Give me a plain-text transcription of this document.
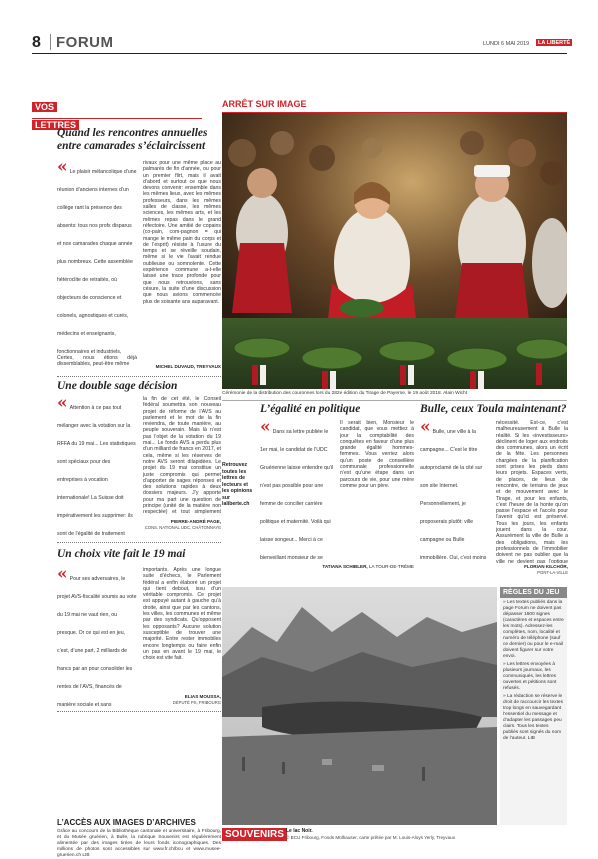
8 FORUM	LUNDI 6 MAI 2019	LA LIBERTÉ
VOS
LETTRES
Quand les rencontres annuelles entre camarades s’éclaircissent
« Le plaisir mélancolique d’une réunion d’anciens internes d’un collège rant la présence des absents: tous nos profs disparus et nos camarades chaque année plus nombreux. Cette assemblée hétéroclite de retraités, où objecteurs de conscience et colonels, agnostiques et curés, médecins et enseignants, fonctionnaires et industriels,
Certes, nous étions déjà dissemblables, peut-être même
rivaux pour une même place au palmarès de fin d’année, ou pour un premier flirt, mais il avait d’abord et surtout ce que nous devons convenir: ensemble dans les mêmes lieux, avec les mêmes professeurs, dans les mêmes salles de classe, les mêmes sciences, les mêmes arts, et les mêmes repas dans le grand réfectoire. Une amitié de copains (co-pain, com-pagnon = qui mange le même pain du corps et de l’esprit) résiste à l’usure du temps et se réveille soudain, même si le vie l’avait rendue oublieuse ou somnolente. Cette expérience commune a-t-elle laissé une trace profonde pour que nous retrouvions, sans césure, la suite d’une discussion que nous avions commencée plus de soixante ans auparavant.
MICHEL DUVAUD, TREYVAUX
Une double sage décision
« Attention à ce pas tout mélanger avec la votation sur la RFFA du 19 mai... Les statistiques sont spéciaux pour des entreprises à vocation internationale! La Suisse doit impérativement les supprimer: ils sont de l’égalité de traitement
la fin de cet été, le Conseil fédéral soumettra son nouveau projet de réforme de l’AVS au parlement et le mot de la fin reviendra, de toute manière, au peuple souverain. Mais là n’est pas l’objet de la votation du 19 mai... Le fonds AVS a perdu plus d’un milliard de francs en 2017, et cela, même si les réserves de notre AVS seront dilapidées. Le projet du 19 mai constitue un juste compromis qui permet d’apporter de sages réponses et des solutions rapides à deux dossiers majeurs. J’y apporte pour ma part une question de principe (unité de la matière non respectée) et tout simplement
PIERRE-ANDRÉ PAGE,
CONS. NATIONAL UDC, CHÂTONNAYE
Un choix vite fait le 19 mai
« Pour ses adversaires, le projet AVS-fiscalité soumis au vote du 19 mai ne vaut rien, ou presque. Or ce qui est en jeu, c’est, d’une part, 2 milliards de francs par an pour consolider les rentes de l’AVS, financés de manière sociale et sans
importants. Après une longue suite d’échecs, le Parlement fédéral a enfin élaboré un projet qui tient debout, issu d’un véritable compromis. Ce projet est appuyé autant à gauche qu’à droite, ainsi que par les cantons, les villes, les communes et même par des syndicats. Qu’opposent les opposants? Aucune solution susceptible de trouver une majorité. Entre rester immobiles encore longtemps ou faire enfin un pas en avant le 19 mai, le choix est vite fait.
ELIAS MOUSSA,
DÉPUTÉ PS, FRIBOURG
L’ACCÈS AUX IMAGES D’ARCHIVES
Grâce au concours de la Bibliothèque cantonale et universitaire, à Fribourg, et du Musée gruérien, à Bulle, la rubrique Souvenirs est régulièrement alimentée par des images tirées de leurs fonds iconographiques. Des millions de photos sont accessibles sur www.fr.ch/bcu et www.musee-gruerien.ch LIB
ARRÊT SUR IMAGE
Cérémonie de la distribution des couronnes lors du 282e édition du Tirage de Payerne, le 19 août 2018. Alain Wicht
Retrouvez toutes les lettres de lecteurs et les opinions sur laliberte.ch
L’égalité en politique
« Dans sa lettre publiée le 1er mai, le candidat de l’UDC Gruérienne laisse entendre qu’il n’est pas possible pour une femme de concilier carrière politique et maternité. Voilà qui laisse songeur... Merci à ce bienveillant monsieur de se
Il serait bien, Monsieur le candidat, que vous mettiez à jour la comptabilité des conquêtes en faveur d’une plus grande égalité hommes-femmes. Vous verriez alors qu’un poste de conseillère communale professionnelle n’est qu’une étape dans un parcours de vie, pour une mère comme pour un père.
TATIANA SCHIBLER, LA TOUR-DE-TRÊME
Bulle, ceux Toula maintenant?
« Bulle, une ville à la campagne... C’est le titre autoproclamé de la cité sur son site Internet. Personnellement, je proposerais plutôt: ville campagne ou Bulle immobilière. Oui, c’est moins
nécessité. Est-ce, c’est malheureusement à Bulle la réalité. Si les «investisseurs» déclinent de loger aux endroits des communes, alors un écrit de la fête. Les personnes chargées de la planification sont prises les pieds dans leurs projets. Espaces verts, de places, de lieux de rencontre, de terrains de jeux et de mouvement avec le Tirage, et pour les enfants, c’est l’heure de la honte qu’on passe l’espace et l’accès pour l’avenir qu’ici est préservé. Tous les jours, les enfants jouent dans la cour. Assurément la ville de Bulle a des obligations, mais les professionnels de l’immobilier doivent ne pas oublier que la ville ne devient pas l’optique
FLORIAN KILCHÖR,
PONT-LA-VILLE
SOUVENIRS Le lac Noir.
© BCU Fribourg, Fonds Mülhauser, carte prêtée par M. Louis-Aloys Yerly, Treyvaux
RÈGLES DU JEU
» Les textes publiés dans la page Forum ne doivent pas dépasser 1600 signes (caractères et espaces entre les mots). Adressez-les complètes, nom, localité et numéro de téléphone (sauf ce dernier) ou pour le e-mail doivent figurer sur votre envoi.
» Les lettres envoyées à plusieurs journaux, les communiqués, les lettres ouvertes et pétitions sont refusés.
» La rédaction se réserve le droit de raccourcir les textes trop longs en sauvegardant l’essentiel du message et d’adapter les passages peu clairs. Tous les textes publiés sont signés du nom de l’auteur. LIB
